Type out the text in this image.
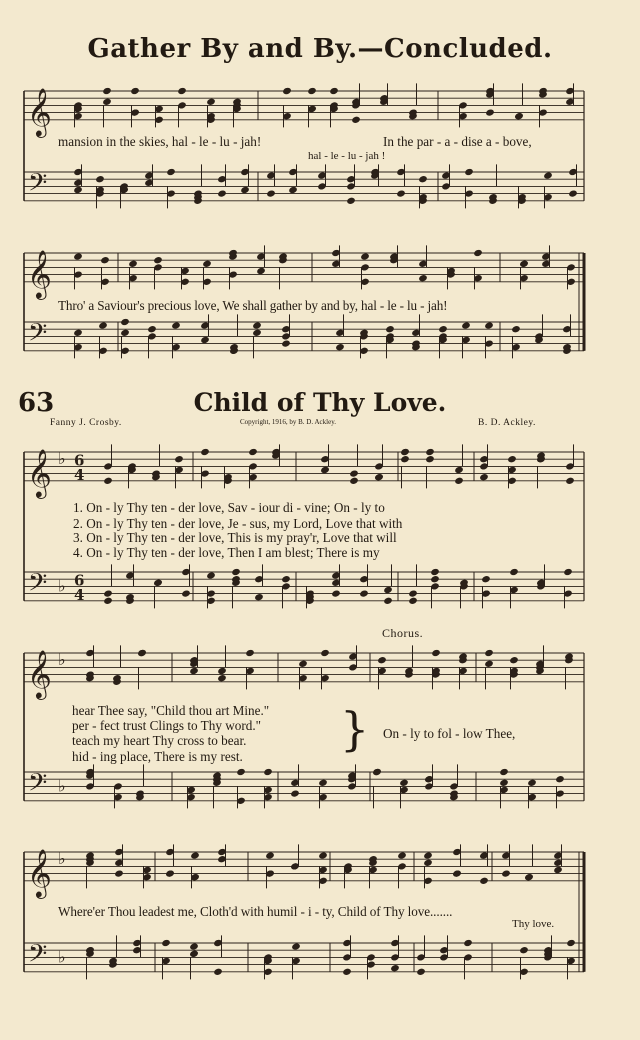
Gather By and By.—Concluded.
𝄞
𝄢
𝄞
𝄢
𝄞 ♭ 6
4
𝄢 ♭ 6
4
𝄞 ♭
𝄢 ♭
𝄞 ♭
𝄢 ♭
mansion in the skies, hal - le - lu - jah!	In the par - a - dise a - bove,
hal - le - lu - jah !
Thro' a Saviour's precious love, We shall gather by and by, hal - le - lu - jah!
63	Child of Thy Love.
Fanny J. Crosby.	Copyright, 1916, by B. D. Ackley.	B. D. Ackley.
1. On - ly Thy ten - der love, Sav - iour di - vine; On - ly to
2. On - ly Thy ten - der love, Je - sus, my Lord, Love that with
3. On - ly Thy ten - der love, This is my pray'r, Love that will
4. On - ly Thy ten - der love, Then I am blest; There is my
Chorus.
hear Thee say, "Child thou art Mine."
per - fect trust Clings to Thy word."
teach my heart Thy cross to bear.
hid - ing place, There is my rest.
} On - ly to fol - low Thee,
Where'er Thou leadest me, Cloth'd with humil - i - ty, Child of Thy love.......
Thy love.
